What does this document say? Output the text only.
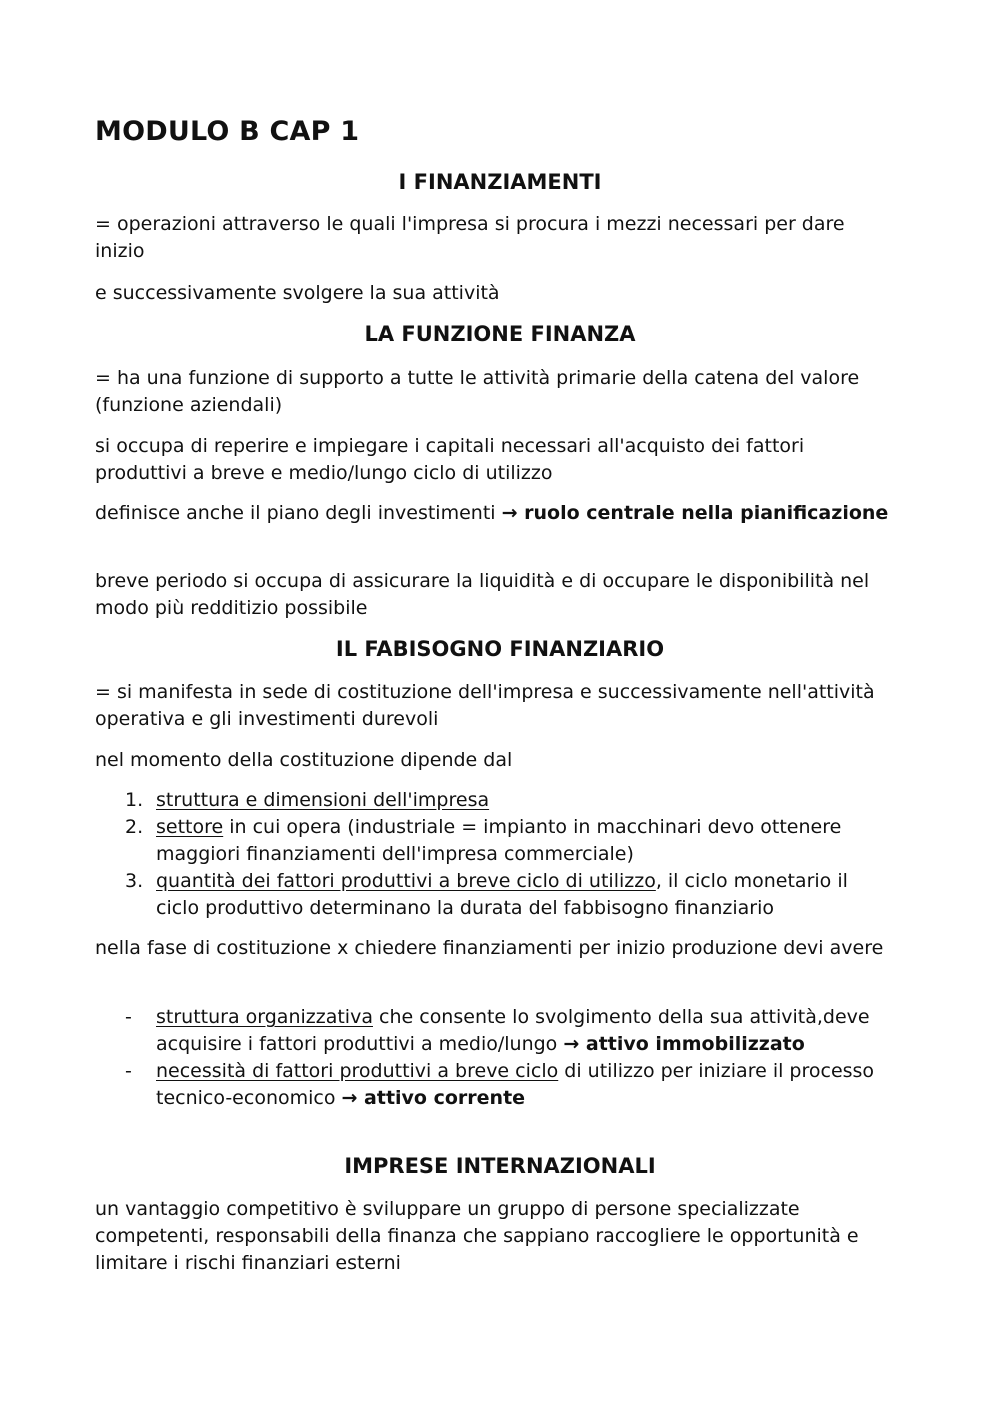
MODULO B CAP 1
I FINANZIAMENTI

= operazioni attraverso le quali l'impresa si procura i mezzi necessari per dare inizio

e successivamente svolgere la sua attività

LA FUNZIONE FINANZA

= ha una funzione di supporto a tutte le attività primarie della catena del valore (funzione aziendali)

si occupa di reperire e impiegare i capitali necessari all'acquisto dei fattori produttivi a breve e medio/lungo ciclo di utilizzo

definisce anche il piano degli investimenti → ruolo centrale nella pianificazione

breve periodo si occupa di assicurare la liquidità e di occupare le disponibilità nel modo più redditizio possibile

IL FABISOGNO FINANZIARIO

= si manifesta in sede di costituzione dell'impresa e successivamente nell'attività operativa e gli investimenti durevoli

nel momento della costituzione dipende dal

1. struttura e dimensioni dell'impresa
2. settore in cui opera (industriale = impianto in macchinari devo ottenere maggiori finanziamenti dell'impresa commerciale)
3. quantità dei fattori produttivi a breve ciclo di utilizzo, il ciclo monetario il ciclo produttivo determinano la durata del fabbisogno finanziario

nella fase di costituzione x chiedere finanziamenti per inizio produzione devi avere

- struttura organizzativa che consente lo svolgimento della sua attività,deve acquisire i fattori produttivi a medio/lungo → attivo immobilizzato
- necessità di fattori produttivi a breve ciclo di utilizzo per iniziare il processo tecnico-economico → attivo corrente
IMPRESE INTERNAZIONALI

un vantaggio competitivo è sviluppare un gruppo di persone specializzate competenti, responsabili della finanza che sappiano raccogliere le opportunità e limitare i rischi finanziari esterni
